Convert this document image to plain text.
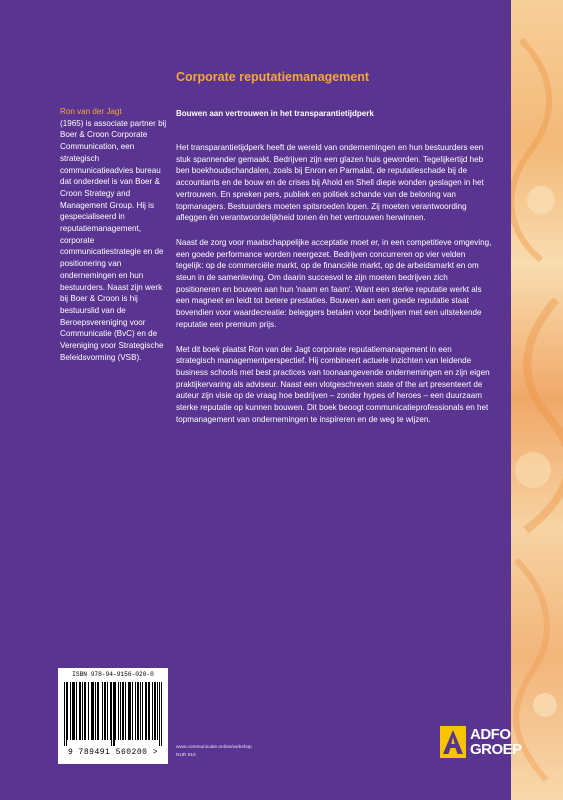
Corporate reputatiemanagement
Bouwen aan vertrouwen in het transparantietijdperk
Ron van der Jagt
(1965) is associate partner bij Boer & Croon Corporate Communication, een strategisch communicatieadvies bureau dat onderdeel is van Boer & Croon Strategy and Management Group. Hij is gespecialiseerd in reputatiemanagement, corporate communicatiestrategie en de positionering van ondernemingen en hun bestuurders. Naast zijn werk bij Boer & Croon is hij bestuurslid van de Beroepsvereniging voor Communicatie (BvC) en de Vereniging voor Strategische Beleidsvorming (VSB).

Het transparantietijdperk heeft de wereld van ondernemingen en hun bestuurders een stuk spannender gemaakt. Bedrijven zijn een glazen huis geworden. Tegelijkertijd heb ben boekhoudschandalen, zoals bij Enron en Parmalat, de reputatieschade bij de accountants en de bouw en de crises bij Ahold en Shell diepe wonden geslagen in het vertrouwen. En spreken pers, publiek en politiek schande van de beloning van topmanagers. Bestuurders moeten spitsroeden lopen. Zij moeten verantwoording afleggen én verantwoordelijkheid tonen én het vertrouwen herwinnen.

Naast de zorg voor maatschappelijke acceptatie moet er, in een competitieve omgeving, een goede performance worden neergezet. Bedrijven concurreren op vier velden tegelijk: op de commerciële markt, op de financiële markt, op de arbeidsmarkt en om steun in de samenleving. Om daarin succesvol te zijn moeten bedrijven zich positioneren en bouwen aan hun 'naam en faam'. Want een sterke reputatie werkt als een magneet en leidt tot betere prestaties. Bouwen aan een goede reputatie staat bovendien voor waardecreatie: beleggers betalen voor bedrijven met een uitstekende reputatie een premium prijs.

Met dit boek plaatst Ron van der Jagt corporate reputatiemanagement in een strategisch managementperspectief. Hij combineert actuele inzichten van leidende business schools met best practices van toonaangevende ondernemingen en zijn eigen praktijkervaring als adviseur. Naast een vlotgeschreven state of the art presenteert de auteur zijn visie op de vraag hoe bedrijven – zonder hypes of heroes – een duurzaam sterke reputatie op kunnen bouwen. Dit boek beoogt communicatieprofessionals en het topmanagement van ondernemingen te inspireren en de weg te wijzen.

ISBN 978-94-9156-020-0
9 789491 560200 >
www.communicatie.online/webshop
NUR 810
ADFO
GROEP
